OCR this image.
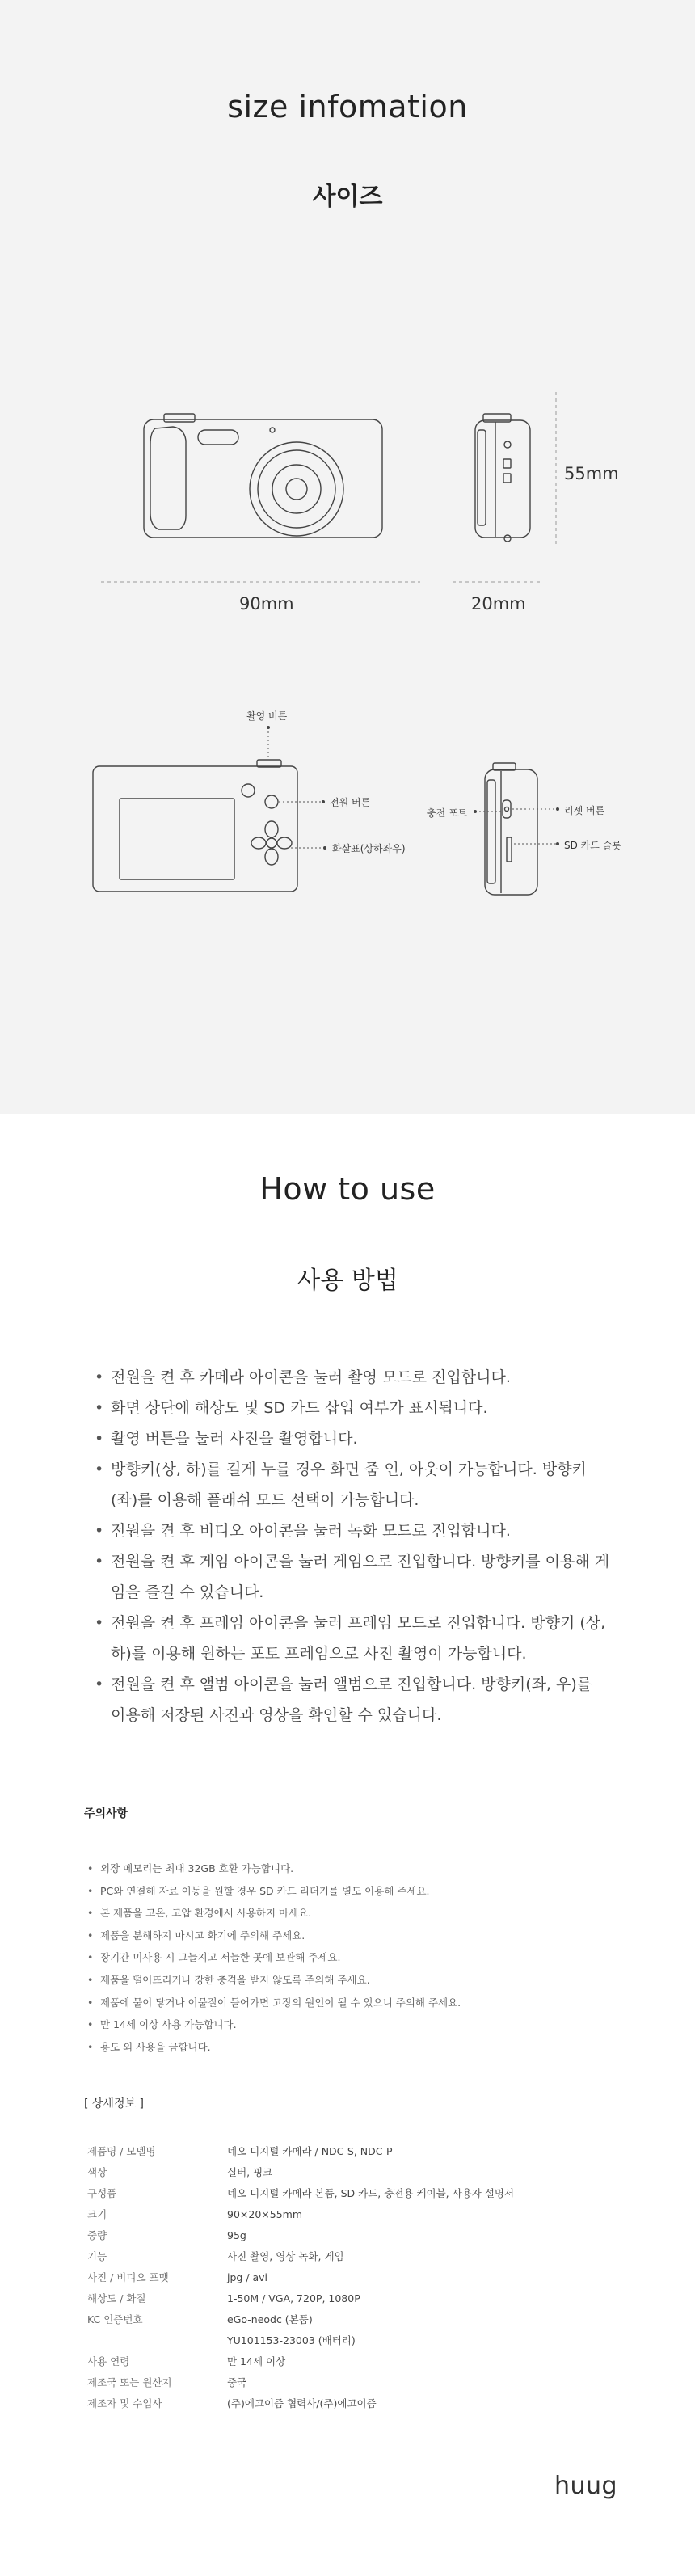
size infomation
사이즈
90mm	20mm
55mm
촬영 버튼
전원 버튼
화살표(상하좌우)
충전 포트	리셋 버튼
SD 카드 슬롯
How to use
사용 방법
• 전원을 켠 후 카메라 아이콘을 눌러 촬영 모드로 진입합니다.
• 화면 상단에 해상도 및 SD 카드 삽입 여부가 표시됩니다.
• 촬영 버튼을 눌러 사진을 촬영합니다.
• 방향키(상, 하)를 길게 누를 경우 화면 줌 인, 아웃이 가능합니다. 방향키(좌)를 이용해 플래쉬 모드 선택이 가능합니다.
• 전원을 켠 후 비디오 아이콘을 눌러 녹화 모드로 진입합니다.
• 전원을 켠 후 게임 아이콘을 눌러 게임으로 진입합니다. 방향키를 이용해 게임을 즐길 수 있습니다.
• 전원을 켠 후 프레임 아이콘을 눌러 프레임 모드로 진입합니다. 방향키 (상, 하)를 이용해 원하는 포토 프레임으로 사진 촬영이 가능합니다.
• 전원을 켠 후 앨범 아이콘을 눌러 앨범으로 진입합니다. 방향키(좌, 우)를 이용해 저장된 사진과 영상을 확인할 수 있습니다.
주의사항
• 외장 메모리는 최대 32GB 호환 가능합니다.
• PC와 연결해 자료 이동을 원할 경우 SD 카드 리더기를 별도 이용해 주세요.
• 본 제품을 고온, 고압 환경에서 사용하지 마세요.
• 제품을 분해하지 마시고 화기에 주의해 주세요.
• 장기간 미사용 시 그늘지고 서늘한 곳에 보관해 주세요.
• 제품을 떨어뜨리거나 강한 충격을 받지 않도록 주의해 주세요.
• 제품에 물이 닿거나 이물질이 들어가면 고장의 원인이 될 수 있으니 주의해 주세요.
• 만 14세 이상 사용 가능합니다.
• 용도 외 사용을 금합니다.
[ 상세정보 ]
제품명 / 모델명	네오 디지털 카메라 / NDC-S, NDC-P
색상	실버, 핑크
구성품	네오 디지털 카메라 본품, SD 카드, 충전용 케이블, 사용자 설명서
크기	90×20×55mm
중량	95g
기능	사진 촬영, 영상 녹화, 게임
사진 / 비디오 포맷	jpg / avi
해상도 / 화질	1-50M / VGA, 720P, 1080P
KC 인증번호	eGo-neodc (본품)
	YU101153-23003 (배터리)
사용 연령	만 14세 이상
제조국 또는 원산지	중국
제조자 및 수입사	(주)에고이즘 협력사/(주)에고이즘
huug
